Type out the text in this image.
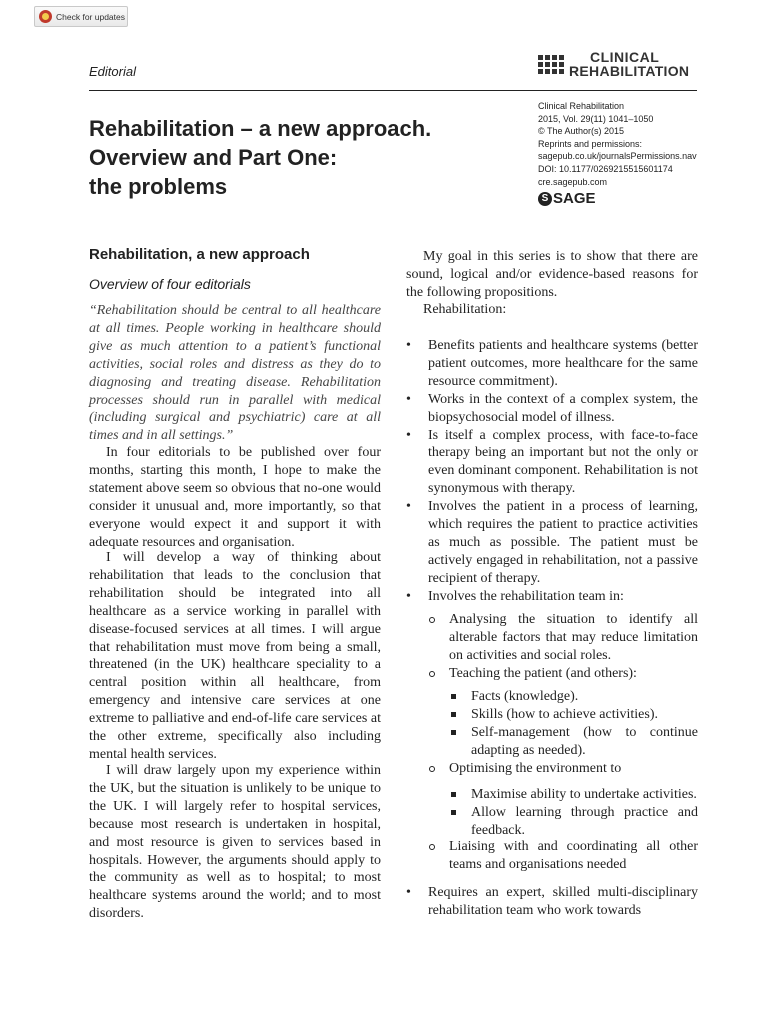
Check for updates
Editorial
CLINICAL
REHABILITATION
Rehabilitation – a new approach.
Overview and Part One:
the problems
Clinical Rehabilitation
2015, Vol. 29(11) 1041–1050
© The Author(s) 2015
Reprints and permissions:
sagepub.co.uk/journalsPermissions.nav
DOI: 10.1177/0269215515601174
cre.sagepub.com
S SAGE
Rehabilitation, a new approach
Overview of four editorials

“Rehabilitation should be central to all healthcare at all times. People working in healthcare should give as much attention to a patient’s functional activities, social roles and distress as they do to diagnosing and treating disease. Rehabilitation processes should run in parallel with medical (including surgical and psychiatric) care at all times and in all settings.”

In four editorials to be published over four months, starting this month, I hope to make the statement above seem so obvious that no-one would consider it unusual and, more importantly, so that everyone would expect it and support it with adequate resources and organisation.

I will develop a way of thinking about rehabilitation that leads to the conclusion that rehabilitation should be integrated into all healthcare as a service working in parallel with disease-focused services at all times. I will argue that rehabilitation must move from being a small, threatened (in the UK) healthcare speciality to a central position within all healthcare, from emergency and intensive care services at one extreme to palliative and end-of-life care services at the other extreme, specifically also including mental health services.

I will draw largely upon my experience within the UK, but the situation is unlikely to be unique to the UK. I will largely refer to hospital services, because most research is undertaken in hospital, and most resource is given to services based in hospitals. However, the arguments should apply to the community as well as to hospital; to most healthcare systems around the world; and to most disorders.

My goal in this series is to show that there are sound, logical and/or evidence-based reasons for the following propositions.

Rehabilitation:

• Benefits patients and healthcare systems (better patient outcomes, more healthcare for the same resource commitment).
• Works in the context of a complex system, the biopsychosocial model of illness.
• Is itself a complex process, with face-to-face therapy being an important but not the only or even dominant component. Rehabilitation is not synonymous with therapy.
• Involves the patient in a process of learning, which requires the patient to practice activities as much as possible. The patient must be actively engaged in rehabilitation, not a passive recipient of therapy.
• Involves the rehabilitation team in:
Analysing the situation to identify all alterable factors that may reduce limitation on activities and social roles.
Teaching the patient (and others):
Facts (knowledge).
Skills (how to achieve activities).
Self-management (how to continue adapting as needed).
Optimising the environment to
Maximise ability to undertake activities.
Allow learning through practice and feedback.
Liaising with and coordinating all other teams and organisations needed
• Requires an expert, skilled multi-disciplinary rehabilitation team who work towards
